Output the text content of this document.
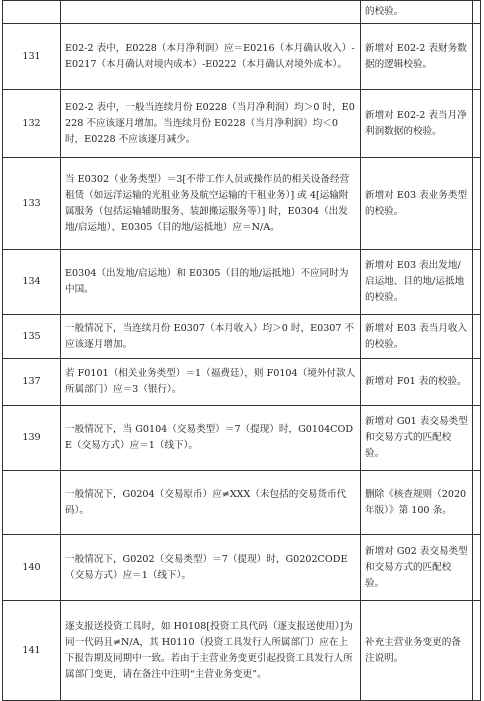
		的校验。	
131	E02-2 表中，E0228（本月净利润）应＝E0216（本月确认收入）-E0217（本月确认对境内成本）-E0222（本月确认对境外成本）。	新增对 E02-2 表财务数据的逻辑校验。	
132	E02-2 表中，一般当连续月份 E0228（当月净利润）均＞0 时，E0228 不应该逐月增加。当连续月份 E0228（当月净利润）均＜0 时，E0228 不应该逐月减少。	新增对 E02-2 表当月净利润数据的校验。	
133	当 E0302（业务类型）＝3[不带工作人员或操作员的相关设备经营租赁（如远洋运输的光租业务及航空运输的干租业务）] 或 4[运输附属服务（包括运输辅助服务、装卸搬运服务等）] 时，E0304（出发地/启运地）、E0305（目的地/运抵地）应＝N/A。	新增对 E03 表业务类型的校验。	
134	E0304（出发地/启运地）和 E0305（目的地/运抵地）不应同时为中国。	新增对 E03 表出发地/启运地、目的地/运抵地的校验。	
135	一般情况下，当连续月份 E0307（本月收入）均＞0 时，E0307 不应该逐月增加。	新增对 E03 表当月收入的校验。	
137	若 F0101（相关业务类型）＝1（福费廷），则 F0104（境外付款人所属部门）应＝3（银行）。	新增对 F01 表的校验。	
139	一般情况下，当 G0104（交易类型）＝7（提现）时，G0104CODE（交易方式）应＝1（线下）。	新增对 G01 表交易类型和交易方式的匹配校验。	
	一般情况下，G0204（交易原币）应≠XXX（未包括的交易货币代码）。	删除《核查规则（2020 年版）》第 100 条。	
140	一般情况下，G0202（交易类型）＝7（提现）时，G0202CODE（交易方式）应＝1（线下）。	新增对 G02 表交易类型和交易方式的匹配校验。	
141	逐支报送投资工具时，如 H0108[投资工具代码（逐支报送使用）]为同一代码且≠N/A，其 H0110（投资工具发行人所属部门）应在上下报告期及同期中一致。若由于主营业务变更引起投资工具发行人所属部门变更，请在备注中注明“主营业务变更”。	补充主营业务变更的备注说明。	
